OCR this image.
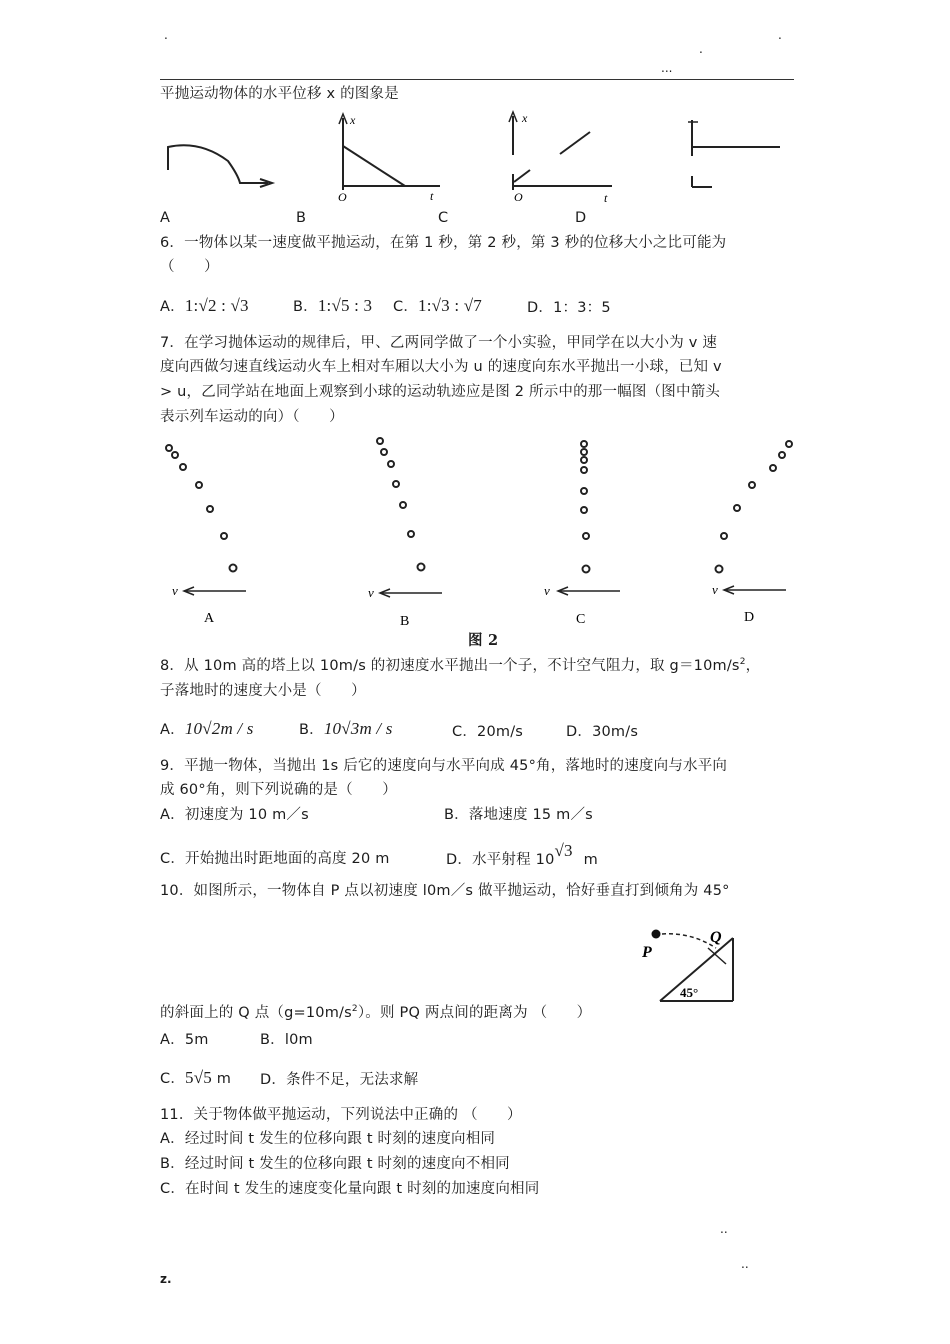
.
.
.
...
平抛运动物体的水平位移 x 的图象是
x
t
O
x
t
O
A	B	C	D
6．一物体以某一速度做平抛运动，在第 1 秒，第 2 秒，第 3 秒的位移大小之比可能为
（　　）
A．1:√2 : √3	B．1:√5 : 3 C．1:√3 : √7	D．1：3：5
7．在学习抛体运动的规律后，甲、乙两同学做了一个小实验，甲同学在以大小为 v 速
度向西做匀速直线运动火车上相对车厢以大小为 u 的速度向东水平抛出一小球，已知 v
> u，乙同学站在地面上观察到小球的运动轨迹应是图 2 所示中的那一幅图（图中箭头
表示列车运动的向）（　　）
v
A
v
B
v
C
v
D
图 2
8．从 10m 高的塔上以 10m/s 的初速度水平抛出一个子，不计空气阻力，取 $g=10m/s^2$，
子落地时的速度大小是（　　）
A．10√2m / s	B．10√3m / s	C．20m/s	D．30m/s
9．平抛一物体，当抛出 1s 后它的速度向与水平向成 45°角，落地时的速度向与水平向
成 60°角，则下列说确的是（　　）
A．初速度为 10 m／s	B．落地速度 15 m／s
C．开始抛出时距地面的高度 20 m	D．水平射程 10√3 m
10．如图所示，一物体自 P 点以初速度 l0m／s 做平抛运动，恰好垂直打到倾角为 45°
P
Q
45°
的斜面上的 Q 点$(g=10m/s^2)$。则 PQ 两点间的距离为 （　　）
A．5m	B．l0m
C．5√5 m D．条件不足，无法求解
11．关于物体做平抛运动，下列说法中正确的 （　　）
A．经过时间 t 发生的位移向跟 t 时刻的速度向相同
B．经过时间 t 发生的位移向跟 t 时刻的速度向不相同
C．在时间 t 发生的速度变化量向跟 t 时刻的加速度向相同
..
..
z.
